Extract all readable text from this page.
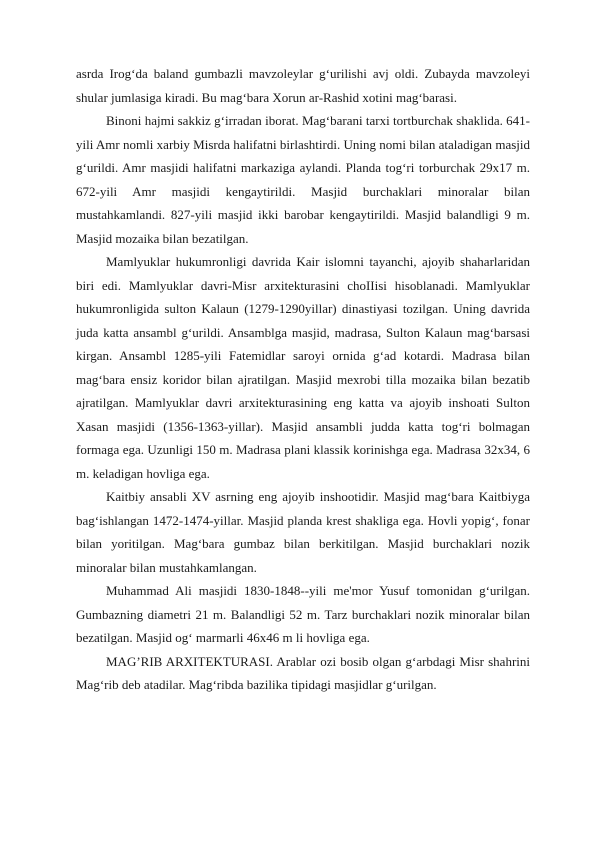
asrda Irog‘da baland gumbazli mavzoleylar g‘urilishi avj oldi. Zubayda mavzoleyi shular jumlasiga kiradi. Bu mag‘bara Xorun ar-Rashid xotini mag‘barasi.

Binoni hajmi sakkiz g‘irradan iborat. Mag‘barani tarxi tortburchak shaklida. 641-yili Amr nomli xarbiy Misrda halifatni birlashtirdi. Uning nomi bilan ataladigan masjid g‘urildi. Amr masjidi halifatni markaziga aylandi. Planda tog‘ri torburchak 29x17 m. 672-yili Amr masjidi kengaytirildi. Masjid burchaklari minoralar bilan mustahkamlandi. 827-yili masjid ikki barobar kengaytirildi. Masjid balandligi 9 m. Masjid mozaika bilan bezatilgan.

Mamlyuklar hukumronligi davrida Kair islomni tayanchi, ajoyib shaharlaridan biri edi. Mamlyuklar davri-Misr arxitekturasini choIIisi hisoblanadi. Mamlyuklar hukumronligida sulton Kalaun (1279-1290yillar) dinastiyasi tozilgan. Uning davrida juda katta ansambl g‘urildi. Ansamblga masjid, madrasa, Sulton Kalaun mag‘barsasi kirgan. Ansambl 1285-yili Fatemidlar saroyi ornida g‘ad kotardi. Madrasa bilan mag‘bara ensiz koridor bilan ajratilgan. Masjid mexrobi tilla mozaika bilan bezatib ajratilgan. Mamlyuklar davri arxitekturasining eng katta va ajoyib inshoati Sulton Xasan masjidi (1356-1363-yillar). Masjid ansambli judda katta tog‘ri bolmagan formaga ega. Uzunligi 150 m. Madrasa plani klassik korinishga ega. Madrasa 32x34, 6 m. keladigan hovliga ega.

Kaitbiy ansabli XV asrning eng ajoyib inshootidir. Masjid mag‘bara Kaitbiyga bag‘ishlangan 1472-1474-yillar. Masjid planda krest shakliga ega. Hovli yopig‘, fonar bilan yoritilgan. Mag‘bara gumbaz bilan berkitilgan. Masjid burchaklari nozik minoralar bilan mustahkamlangan.

Muhammad Ali masjidi 1830-1848--yili me'mor Yusuf tomonidan g‘urilgan. Gumbazning diametri 21 m. Balandligi 52 m. Tarz burchaklari nozik minoralar bilan bezatilgan. Masjid og‘ marmarli 46x46 m li hovliga ega.

MAG’RIB ARXITEKTURASI. Arablar ozi bosib olgan g‘arbdagi Misr shahrini Mag‘rib deb atadilar. Mag‘ribda bazilika tipidagi masjidlar g‘urilgan.
